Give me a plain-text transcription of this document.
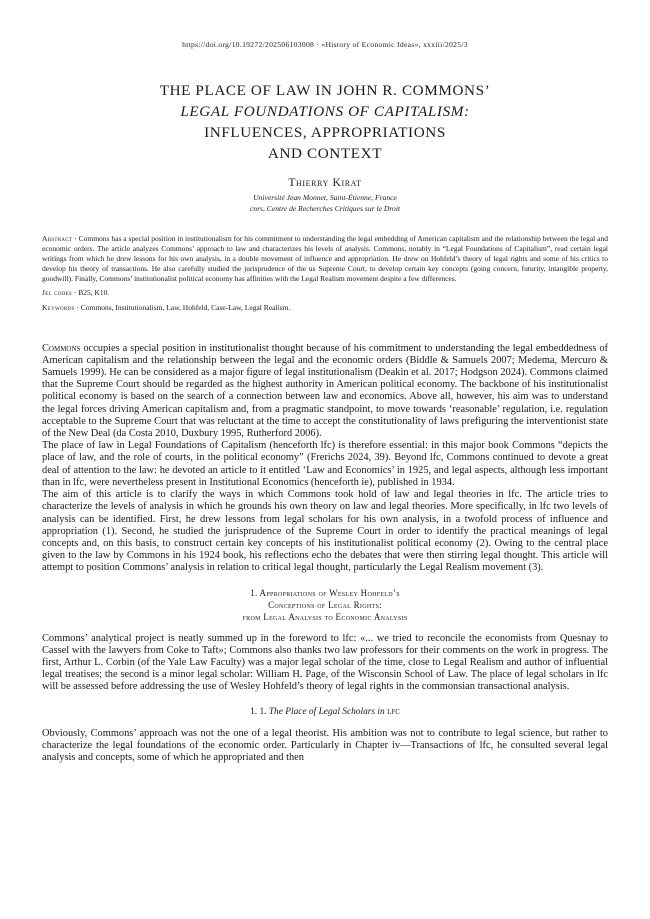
https://doi.org/10.19272/202506103008 · «History of Economic Ideas», xxxiii/2025/3
THE PLACE OF LAW IN JOHN R. COMMONS’
LEGAL FOUNDATIONS OF CAPITALISM:
INFLUENCES, APPROPRIATIONS
AND CONTEXT
Thierry Kirat
Université Jean Monnet, Saint-Étienne, France
cnrs, Centre de Recherches Critiques sur le Droit
Abstract · Commons has a special position in institutionalism for his commitment to understanding the legal embedding of American capitalism and the relationship between the legal and economic orders. The article analyzes Commons’ approach to law and characterizes his levels of analysis. Commons, notably in “Legal Foundations of Capitalism”, read certain legal writings from which he drew lessons for his own analysis, in a double movement of influence and appropriation. He drew on Hohfeld’s theory of legal rights and some of his critics to develop his theory of transactions. He also carefully studied the jurisprudence of the us Supreme Court, to develop certain key concepts (going concern, futurity, intangible property, goodwill). Finally, Commons’ institutionalist political economy has affinities with the Legal Realism movement despite a few differences.
Jel codes · B25, K10.
Keywords · Commons, Institutionalism, Law, Hohfeld, Case-Law, Legal Realism.

Commons occupies a special position in institutionalist thought because of his commitment to understanding the legal embeddedness of American capitalism and the relationship between the legal and the economic orders (Biddle & Samuels 2007; Medema, Mercuro & Samuels 1999). He can be considered as a major figure of legal institutionalism (Deakin et al. 2017; Hodgson 2024). Commons claimed that the Supreme Court should be regarded as the highest authority in American political economy. The backbone of his institutionalist political economy is based on the search of a connection between law and economics. Above all, however, his aim was to understand the legal forces driving American capitalism and, from a pragmatic standpoint, to move towards ‘reasonable’ regulation, i.e. regulation acceptable to the Supreme Court that was reluctant at the time to accept the constitutionality of laws prefiguring the interventionist state of the New Deal (da Costa 2010, Duxbury 1995, Rutherford 2006).

The place of law in Legal Foundations of Capitalism (henceforth lfc) is therefore essential: in this major book Commons “depicts the place of law, and the role of courts, in the political economy” (Frerichs 2024, 39). Beyond lfc, Commons continued to devote a great deal of attention to the law: he devoted an article to it entitled ‘Law and Economics’ in 1925, and legal aspects, although less important than in lfc, were nevertheless present in Institutional Economics (henceforth ie), published in 1934.

The aim of this article is to clarify the ways in which Commons took hold of law and legal theories in lfc. The article tries to characterize the levels of analysis in which he grounds his own theory on law and legal theories. More specifically, in lfc two levels of analysis can be identified. First, he drew lessons from legal scholars for his own analysis, in a twofold process of influence and appropriation (1). Second, he studied the jurisprudence of the Supreme Court in order to identify the practical meanings of legal concepts and, on this basis, to construct certain key concepts of his institutionalist political economy (2). Owing to the central place given to the law by Commons in his 1924 book, his reflections echo the debates that were then stirring legal thought. This article will attempt to position Commons’ analysis in relation to critical legal thought, particularly the Legal Realism movement (3).

1. Appropriations of Wesley Hohfeld’s
Conceptions of Legal Rights:
from Legal Analysis to Economic Analysis

Commons’ analytical project is neatly summed up in the foreword to lfc: «... we tried to reconcile the economists from Quesnay to Cassel with the lawyers from Coke to Taft»; Commons also thanks two law professors for their comments on the work in progress. The first, Arthur L. Corbin (of the Yale Law Faculty) was a major legal scholar of the time, close to Legal Realism and author of influential legal treatises; the second is a minor legal scholar: William H. Page, of the Wisconsin School of Law. The place of legal scholars in lfc will be assessed before addressing the use of Wesley Hohfeld’s theory of legal rights in the commonsian transactional analysis.

1. 1. The Place of Legal Scholars in lfc

Obviously, Commons’ approach was not the one of a legal theorist. His ambition was not to contribute to legal science, but rather to characterize the legal foundations of the economic order. Particularly in Chapter iv—Transactions of lfc, he consulted several legal analysis and concepts, some of which he appropriated and then
